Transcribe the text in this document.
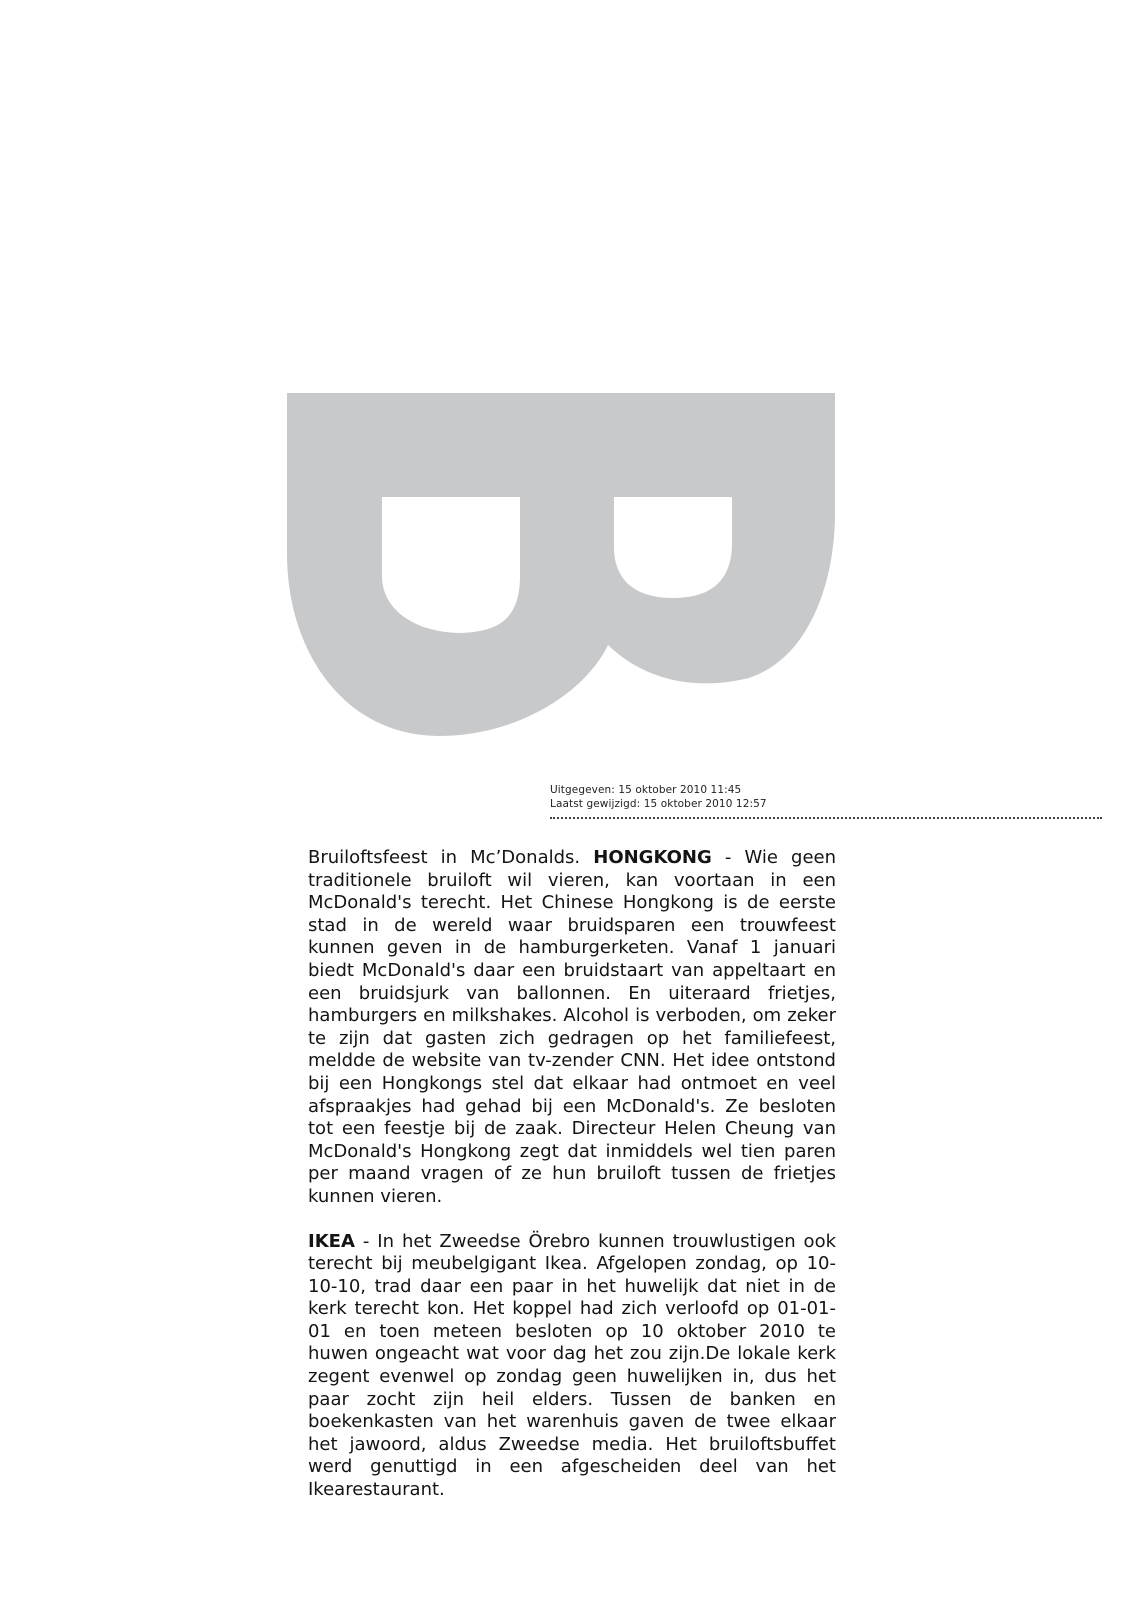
Uitgegeven: 15 oktober 2010 11:45
Laatst gewijzigd: 15 oktober 2010 12:57

Bruiloftsfeest in Mc’Donalds. HONGKONG - Wie geen traditionele bruiloft wil vieren, kan voortaan in een McDonald's terecht. Het Chinese Hongkong is de eerste stad in de wereld waar bruidsparen een trouwfeest kunnen geven in de hamburgerketen. Vanaf 1 januari biedt McDonald's daar een bruidstaart van appeltaart en een bruidsjurk van ballonnen. En uiteraard frietjes, hamburgers en milkshakes. Alcohol is verboden, om zeker te zijn dat gasten zich gedragen op het familiefeest, meldde de website van tv-zender CNN. Het idee ontstond bij een Hongkongs stel dat elkaar had ontmoet en veel afspraakjes had gehad bij een McDonald's. Ze besloten tot een feestje bij de zaak. Directeur Helen Cheung van McDonald's Hongkong zegt dat inmiddels wel tien paren per maand vragen of ze hun bruiloft tussen de frietjes kunnen vieren.

IKEA - In het Zweedse Örebro kunnen trouwlustigen ook terecht bij meubelgigant Ikea. Afgelopen zondag, op 10-10-10, trad daar een paar in het huwelijk dat niet in de kerk terecht kon. Het koppel had zich verloofd op 01-01-01 en toen meteen besloten op 10 oktober 2010 te huwen ongeacht wat voor dag het zou zijn.De lokale kerk zegent evenwel op zondag geen huwelijken in, dus het paar zocht zijn heil elders. Tussen de banken en boekenkasten van het warenhuis gaven de twee elkaar het jawoord, aldus Zweedse media. Het bruiloftsbuffet werd genuttigd in een afgescheiden deel van het Ikearestaurant.
